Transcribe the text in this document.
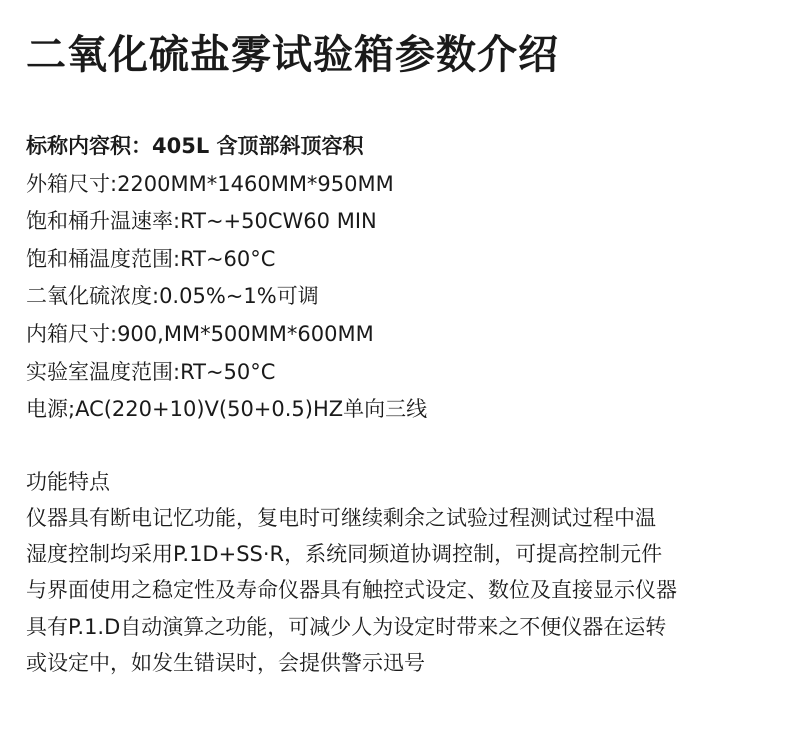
二氧化硫盐雾试验箱参数介绍
标称内容积：405L 含顶部斜顶容积
外箱尺寸:2200MM*1460MM*950MM
饱和桶升温速率:RT~+50CW60 MIN
饱和桶温度范围:RT~60°C
二氧化硫浓度:0.05%~1%可调
内箱尺寸:900,MM*500MM*600MM
实验室温度范围:RT~50°C
电源;AC(220+10)V(50+0.5)HZ单向三线
功能特点
仪器具有断电记忆功能，复电时可继续剩余之试验过程测试过程中温
湿度控制均采用P.1D+SS·R，系统同频道协调控制，可提高控制元件
与界面使用之稳定性及寿命仪器具有触控式设定、数位及直接显示仪器
具有P.1.D自动演算之功能，可减少人为设定时带来之不便仪器在运转
或设定中，如发生错误时，会提供警示迅号
